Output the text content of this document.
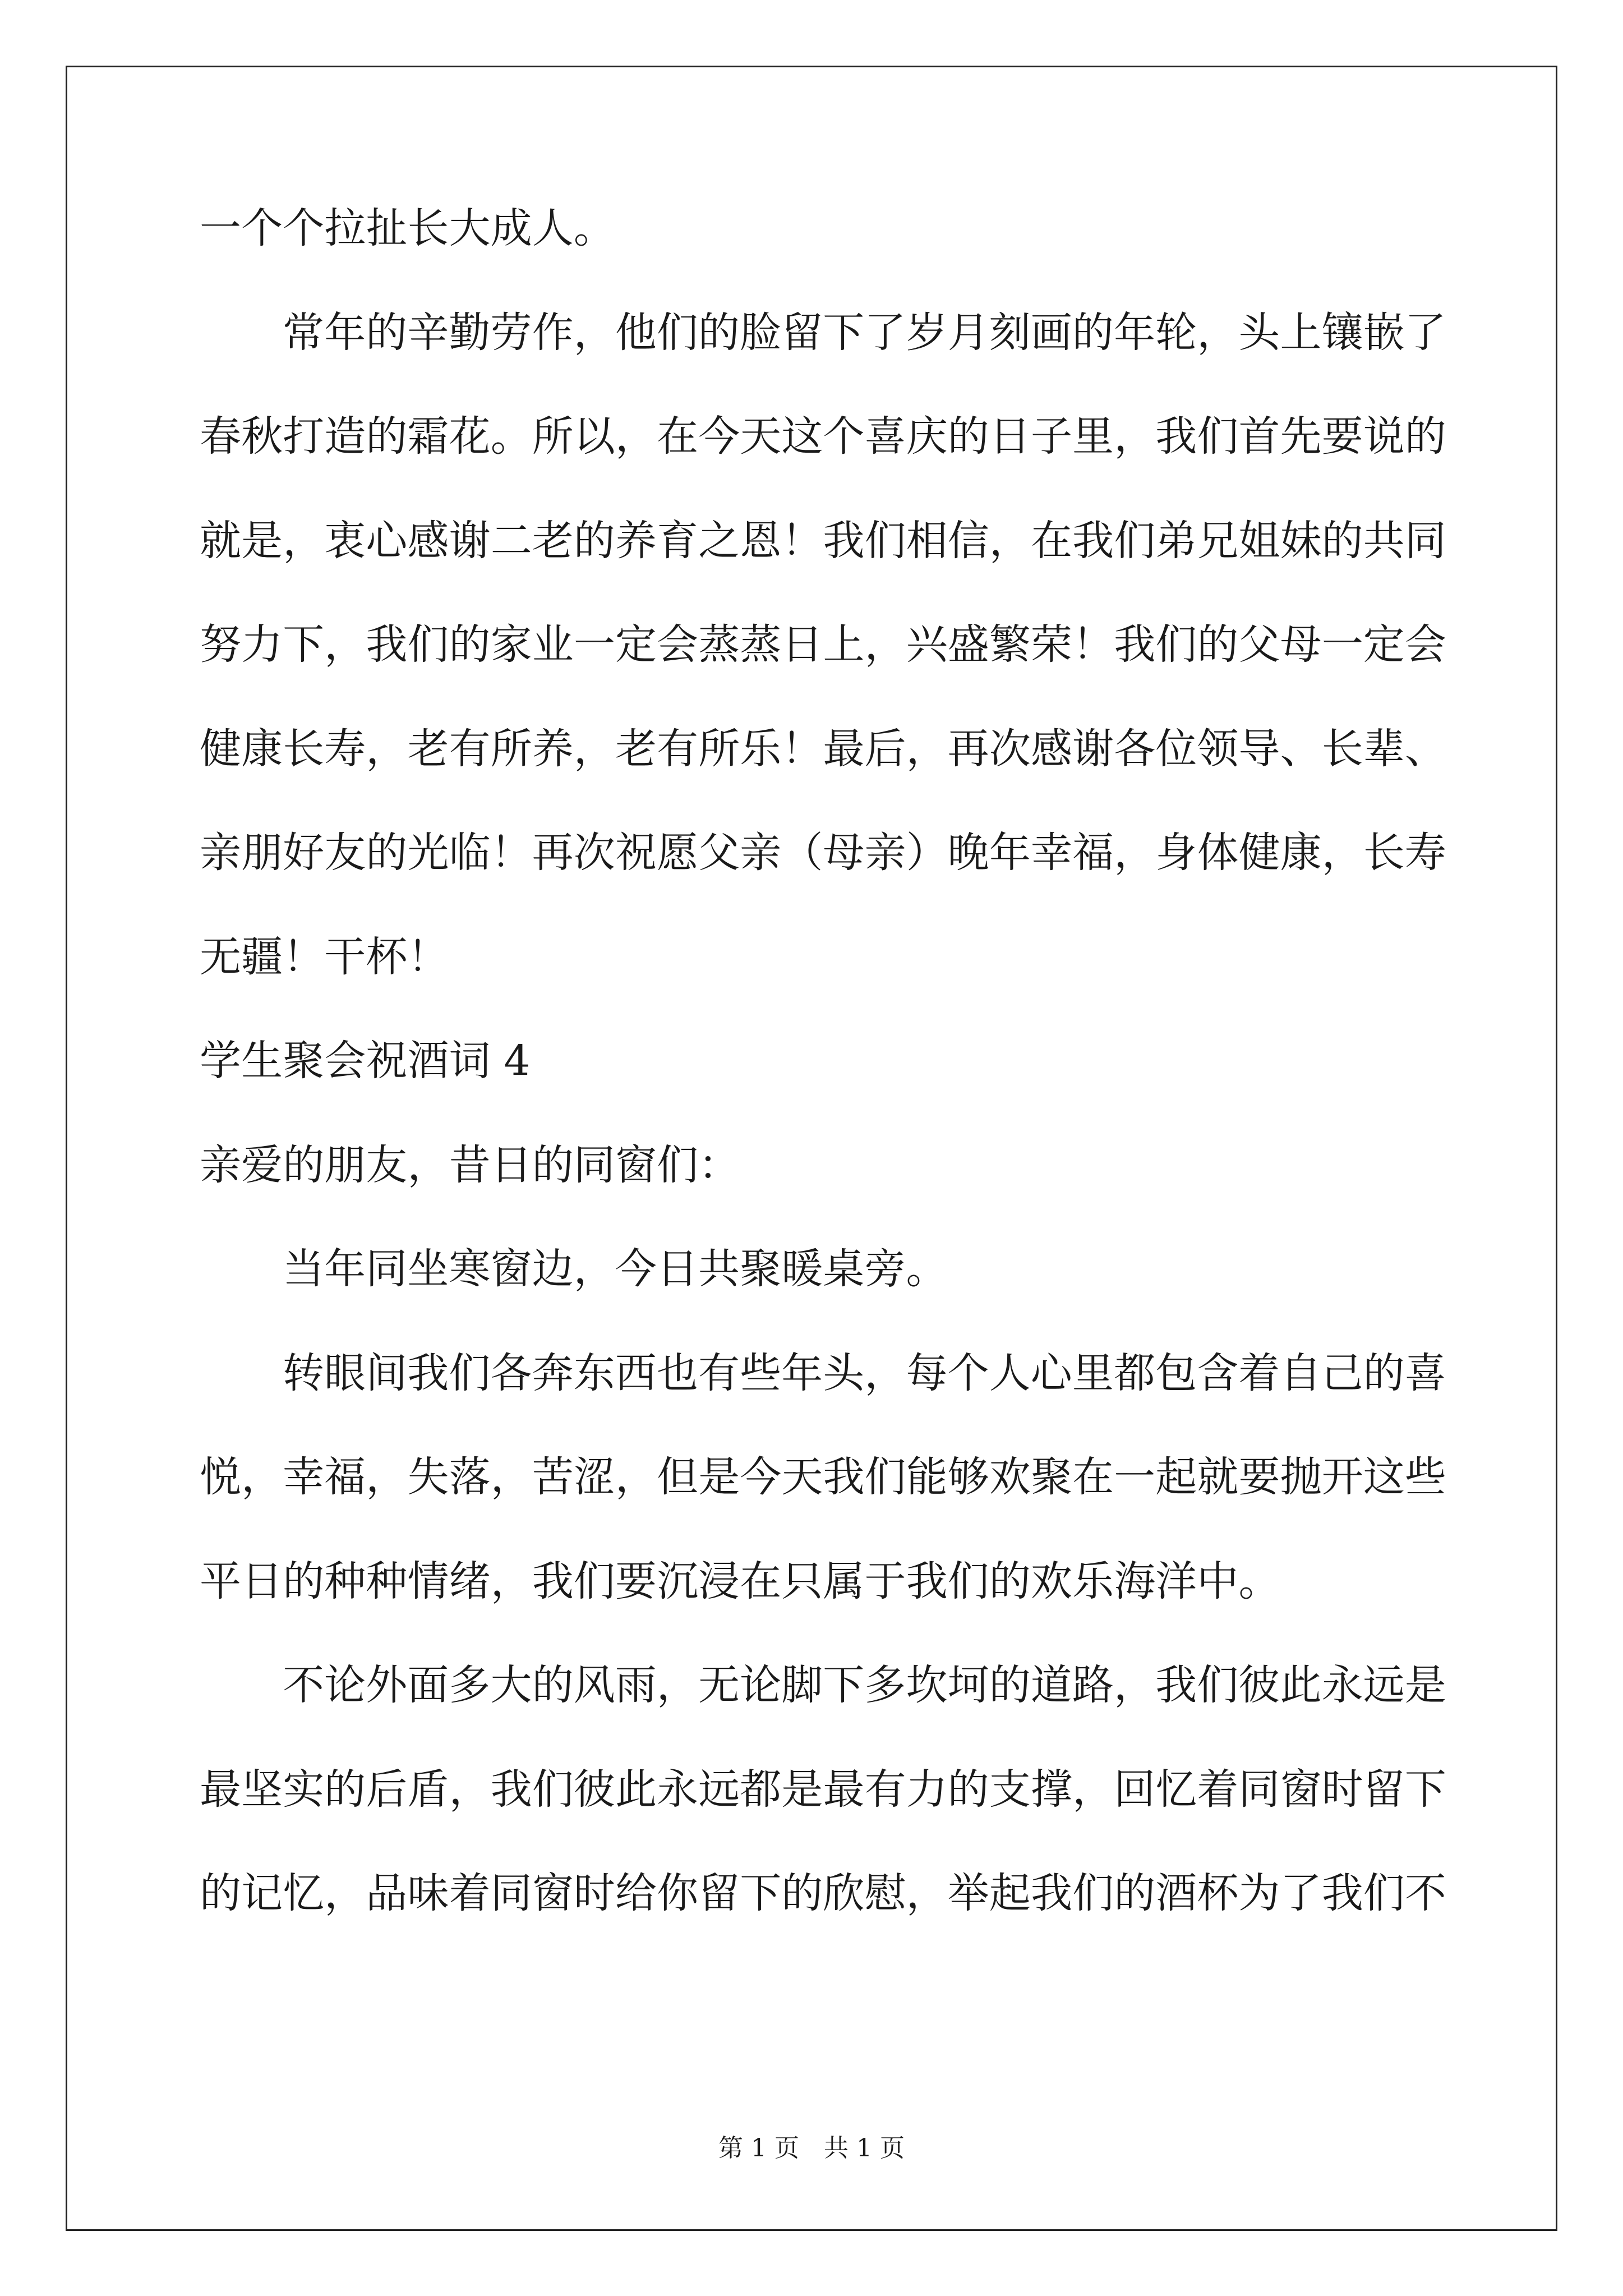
一个个拉扯长大成人。
常年的辛勤劳作，他们的脸留下了岁月刻画的年轮，头上镶嵌了
春秋打造的霜花。所以，在今天这个喜庆的日子里，我们首先要说的
就是，衷心感谢二老的养育之恩！我们相信，在我们弟兄姐妹的共同
努力下，我们的家业一定会蒸蒸日上，兴盛繁荣！我们的父母一定会
健康长寿，老有所养，老有所乐！最后，再次感谢各位领导、长辈、
亲朋好友的光临！再次祝愿父亲（母亲）晚年幸福，身体健康，长寿
无疆！干杯！
学生聚会祝酒词 4
亲爱的朋友，昔日的同窗们：
当年同坐寒窗边，今日共聚暖桌旁。
转眼间我们各奔东西也有些年头，每个人心里都包含着自己的喜
悦，幸福，失落，苦涩，但是今天我们能够欢聚在一起就要抛开这些
平日的种种情绪，我们要沉浸在只属于我们的欢乐海洋中。
不论外面多大的风雨，无论脚下多坎坷的道路，我们彼此永远是
最坚实的后盾，我们彼此永远都是最有力的支撑，回忆着同窗时留下
的记忆，品味着同窗时给你留下的欣慰，举起我们的酒杯为了我们不
第 1 页　共 1 页
